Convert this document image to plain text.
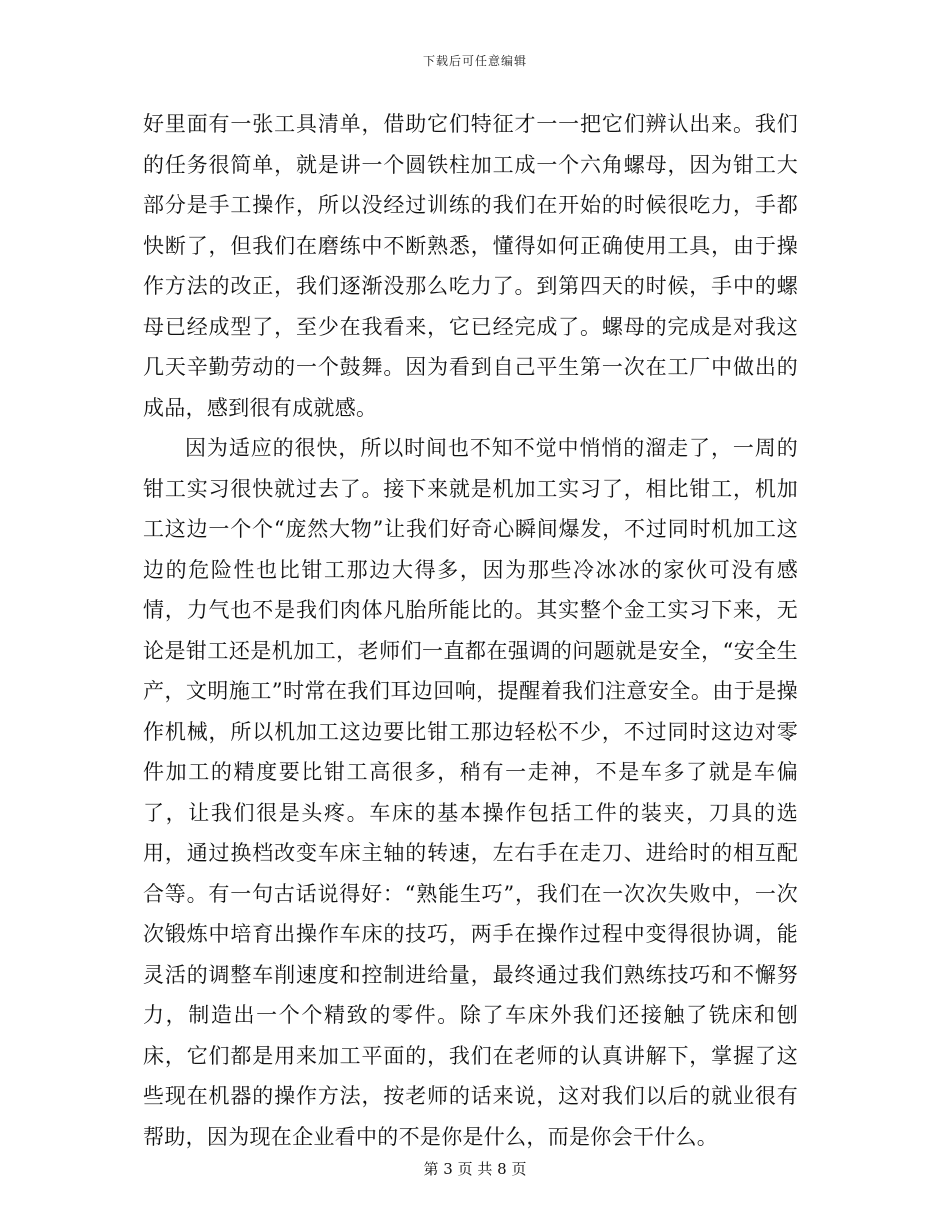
下载后可任意编辑

好里面有一张工具清单，借助它们特征才一一把它们辨认出来。我们的任务很简单，就是讲一个圆铁柱加工成一个六角螺母，因为钳工大部分是手工操作，所以没经过训练的我们在开始的时候很吃力，手都快断了，但我们在磨练中不断熟悉，懂得如何正确使用工具，由于操作方法的改正，我们逐渐没那么吃力了。到第四天的时候，手中的螺母已经成型了，至少在我看来，它已经完成了。螺母的完成是对我这几天辛勤劳动的一个鼓舞。因为看到自己平生第一次在工厂中做出的成品，感到很有成就感。

因为适应的很快，所以时间也不知不觉中悄悄的溜走了，一周的钳工实习很快就过去了。接下来就是机加工实习了，相比钳工，机加工这边一个个“庞然大物”让我们好奇心瞬间爆发，不过同时机加工这边的危险性也比钳工那边大得多，因为那些冷冰冰的家伙可没有感情，力气也不是我们肉体凡胎所能比的。其实整个金工实习下来，无论是钳工还是机加工，老师们一直都在强调的问题就是安全，“安全生产，文明施工”时常在我们耳边回响，提醒着我们注意安全。由于是操作机械，所以机加工这边要比钳工那边轻松不少，不过同时这边对零件加工的精度要比钳工高很多，稍有一走神，不是车多了就是车偏了，让我们很是头疼。车床的基本操作包括工件的装夹，刀具的选用，通过换档改变车床主轴的转速，左右手在走刀、进给时的相互配合等。有一句古话说得好：“熟能生巧”，我们在一次次失败中，一次次锻炼中培育出操作车床的技巧，两手在操作过程中变得很协调，能灵活的调整车削速度和控制进给量，最终通过我们熟练技巧和不懈努力，制造出一个个精致的零件。除了车床外我们还接触了铣床和刨床，它们都是用来加工平面的，我们在老师的认真讲解下，掌握了这些现在机器的操作方法，按老师的话来说，这对我们以后的就业很有帮助，因为现在企业看中的不是你是什么，而是你会干什么。

第 3 页 共 8 页
